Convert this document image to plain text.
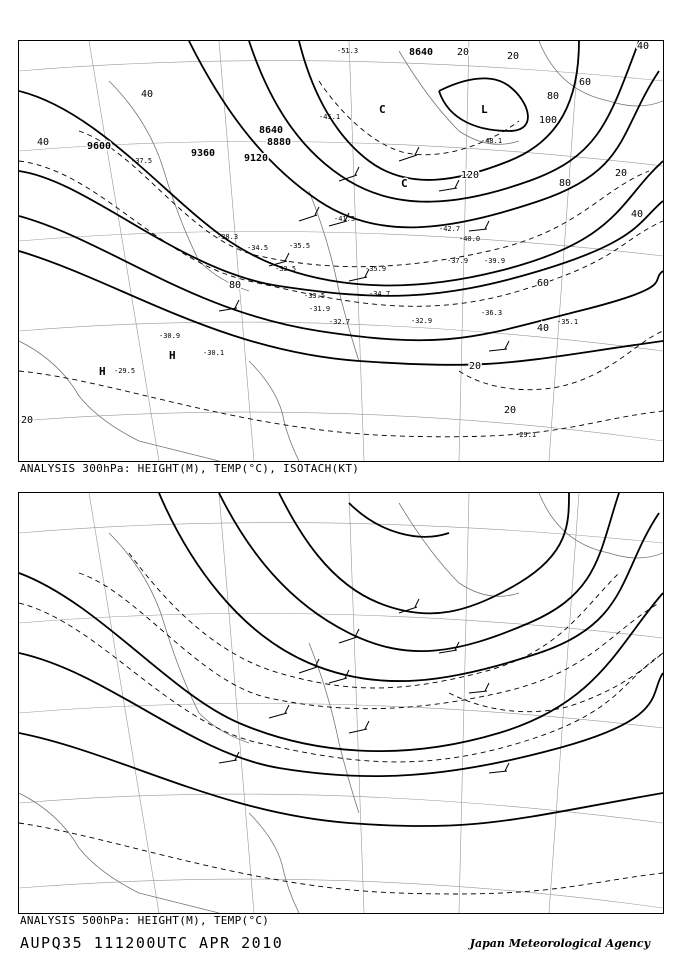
9600
9360	9120
8880
8640
8640
40
40
20	20
40
60
80
100
120
80
20
40
60
80
40
20
20
20
-51.3
-48.1
-45.1
-41.5
-42.7
-40.0
-37.9 -39.9
-35.9
-34.7
-33.5
-31.9
-32.7	-32.9
-36.3
-35.1
-30.9
-30.1
-29.5
-29.1
-37.5
-38.3
-34.5	-35.5
-33.5
H
H
L
C
C
ANALYSIS 300hPa: HEIGHT(M), TEMP(°C), ISOTACH(KT)
ANALYSIS 500hPa: HEIGHT(M), TEMP(°C)
AUPQ35 111200UTC APR 2010	Japan Meteorological Agency
